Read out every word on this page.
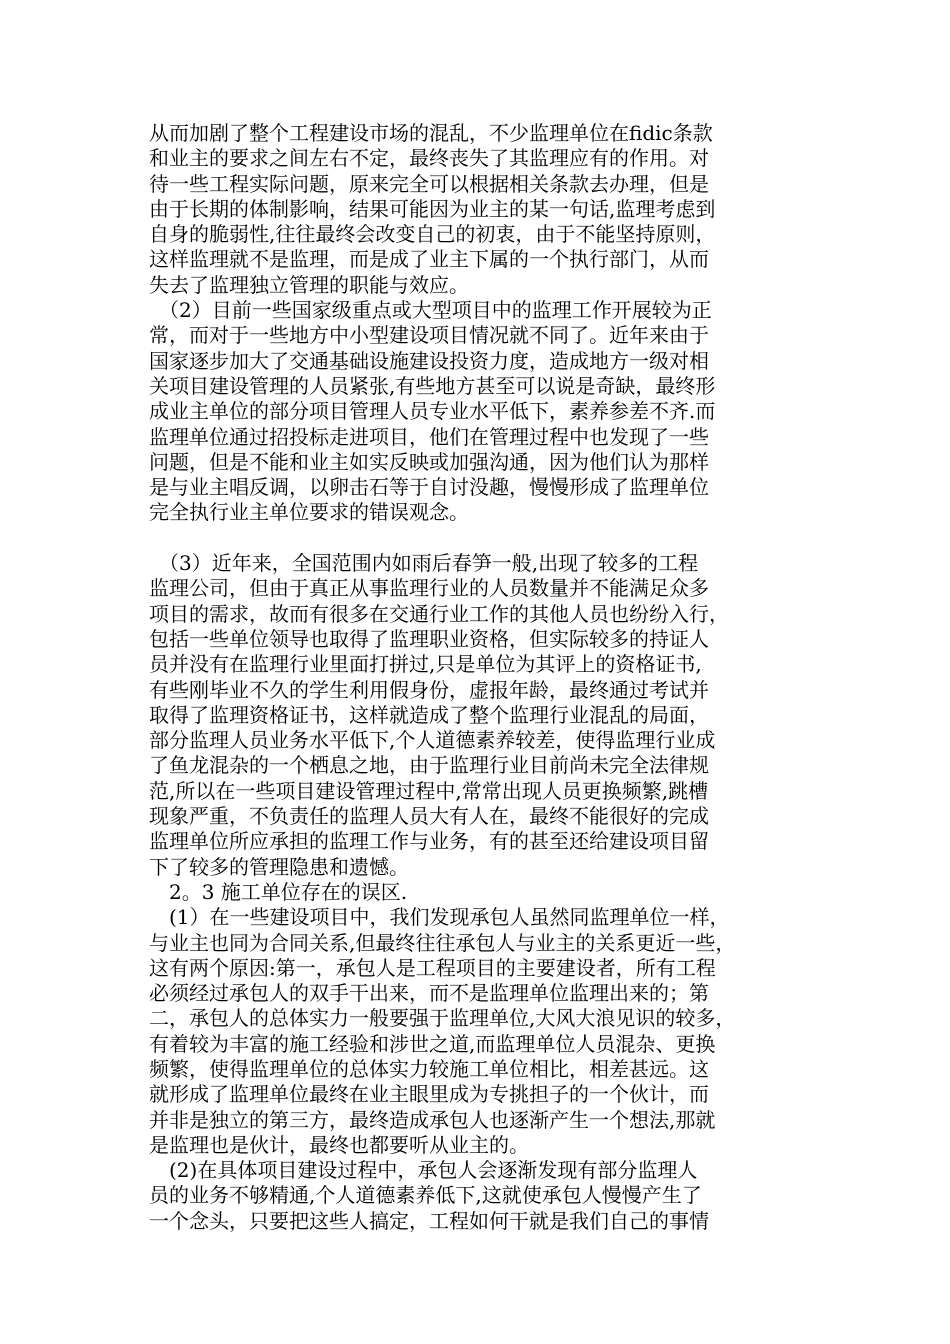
从而加剧了整个工程建设市场的混乱，不少监理单位在fidic条款
和业主的要求之间左右不定，最终丧失了其监理应有的作用。对
待一些工程实际问题，原来完全可以根据相关条款去办理，但是
由于长期的体制影响，结果可能因为业主的某一句话,监理考虑到
自身的脆弱性,往往最终会改变自己的初衷，由于不能坚持原则，
这样监理就不是监理，而是成了业主下属的一个执行部门，从而
失去了监理独立管理的职能与效应。
　（2）目前一些国家级重点或大型项目中的监理工作开展较为正
常，而对于一些地方中小型建设项目情况就不同了。近年来由于
国家逐步加大了交通基础设施建设投资力度，造成地方一级对相
关项目建设管理的人员紧张,有些地方甚至可以说是奇缺，最终形
成业主单位的部分项目管理人员专业水平低下，素养参差不齐.而
监理单位通过招投标走进项目，他们在管理过程中也发现了一些
问题，但是不能和业主如实反映或加强沟通，因为他们认为那样
是与业主唱反调，以卵击石等于自讨没趣，慢慢形成了监理单位
完全执行业主单位要求的错误观念。
　（3）近年来，全国范围内如雨后春笋一般,出现了较多的工程
监理公司，但由于真正从事监理行业的人员数量并不能满足众多
项目的需求，故而有很多在交通行业工作的其他人员也纷纷入行，
包括一些单位领导也取得了监理职业资格，但实际较多的持证人
员并没有在监理行业里面打拼过,只是单位为其评上的资格证书,
有些刚毕业不久的学生利用假身份，虚报年龄，最终通过考试并
取得了监理资格证书，这样就造成了整个监理行业混乱的局面，
部分监理人员业务水平低下,个人道德素养较差，使得监理行业成
了鱼龙混杂的一个栖息之地，由于监理行业目前尚未完全法律规
范,所以在一些项目建设管理过程中,常常出现人员更换频繁,跳槽
现象严重，不负责任的监理人员大有人在，最终不能很好的完成
监理单位所应承担的监理工作与业务，有的甚至还给建设项目留
下了较多的管理隐患和遗憾。
　2。3 施工单位存在的误区.
　(1）在一些建设项目中，我们发现承包人虽然同监理单位一样，
与业主也同为合同关系,但最终往往承包人与业主的关系更近一些，
这有两个原因:第一，承包人是工程项目的主要建设者，所有工程
必须经过承包人的双手干出来，而不是监理单位监理出来的；第
二，承包人的总体实力一般要强于监理单位,大风大浪见识的较多，
有着较为丰富的施工经验和涉世之道,而监理单位人员混杂、更换
频繁，使得监理单位的总体实力较施工单位相比，相差甚远。这
就形成了监理单位最终在业主眼里成为专挑担子的一个伙计，而
并非是独立的第三方，最终造成承包人也逐渐产生一个想法,那就
是监理也是伙计，最终也都要听从业主的。
　(2)在具体项目建设过程中，承包人会逐渐发现有部分监理人
员的业务不够精通,个人道德素养低下,这就使承包人慢慢产生了
一个念头，只要把这些人搞定，工程如何干就是我们自己的事情
